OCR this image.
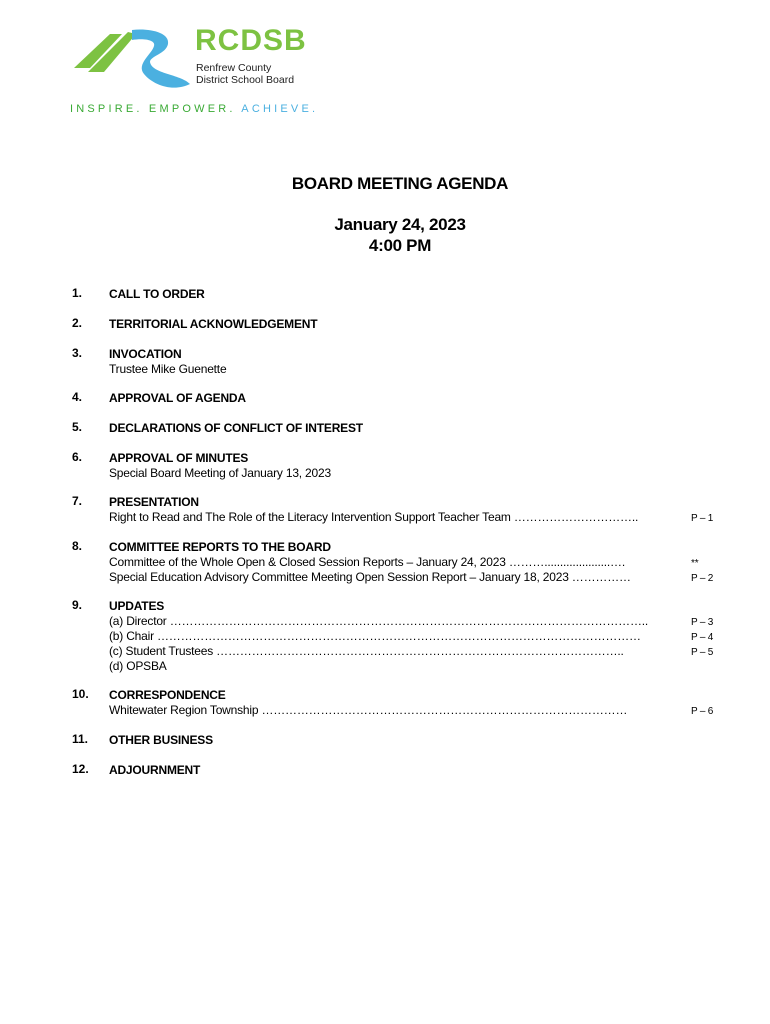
RCDSB
Renfrew County
District School Board
INSPIRE. EMPOWER. ACHIEVE.
BOARD MEETING AGENDA
January 24, 2023
4:00 PM
1. CALL TO ORDER
2. TERRITORIAL ACKNOWLEDGEMENT
3. INVOCATION
Trustee Mike Guenette
4. APPROVAL OF AGENDA
5. DECLARATIONS OF CONFLICT OF INTEREST
6. APPROVAL OF MINUTES
Special Board Meeting of January 13, 2023
7. PRESENTATION
Right to Read and The Role of the Literacy Intervention Support Teacher Team …………………………..	P – 1
8. COMMITTEE REPORTS TO THE BOARD
Committee of the Whole Open & Closed Session Reports – January 24, 2023 ……….....................….	**
Special Education Advisory Committee Meeting Open Session Report – January 18, 2023 ……………	P – 2
9. UPDATES
(a) Director …………………………………………………………………………………………………………..	P – 3
(b) Chair ……………………………………………………………………………………………………………	P – 4
(c) Student Trustees …………………………………………………………………………………………..	P – 5
(d) OPSBA
10. CORRESPONDENCE
Whitewater Region Township …………………………………………………………………………………	P – 6
11. OTHER BUSINESS
12. ADJOURNMENT
